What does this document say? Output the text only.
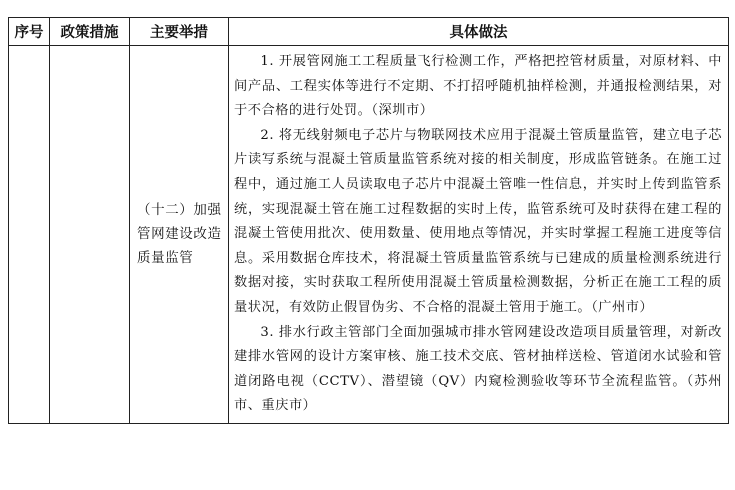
序号	政策措施	主要举措	具体做法
		（十二）加强管网建设改造质量监管	1. 开展管网施工工程质量飞行检测工作，严格把控管材质量，对原材料、中间产品、工程实体等进行不定期、不打招呼随机抽样检测，并通报检测结果，对于不合格的进行处罚。（深圳市）

2. 将无线射频电子芯片与物联网技术应用于混凝土管质量监管，建立电子芯片读写系统与混凝土管质量监管系统对接的相关制度，形成监管链条。在施工过程中，通过施工人员读取电子芯片中混凝土管唯一性信息，并实时上传到监管系统，实现混凝土管在施工过程数据的实时上传，监管系统可及时获得在建工程的混凝土管使用批次、使用数量、使用地点等情况，并实时掌握工程施工进度等信息。采用数据仓库技术，将混凝土管质量监管系统与已建成的质量检测系统进行数据对接，实时获取工程所使用混凝土管质量检测数据，分析正在施工工程的质量状况，有效防止假冒伪劣、不合格的混凝土管用于施工。（广州市）

3. 排水行政主管部门全面加强城市排水管网建设改造项目质量管理，对新改建排水管网的设计方案审核、施工技术交底、管材抽样送检、管道闭水试验和管道闭路电视（CCTV）、潜望镜（QV）内窥检测验收等环节全流程监管。（苏州市、重庆市）
